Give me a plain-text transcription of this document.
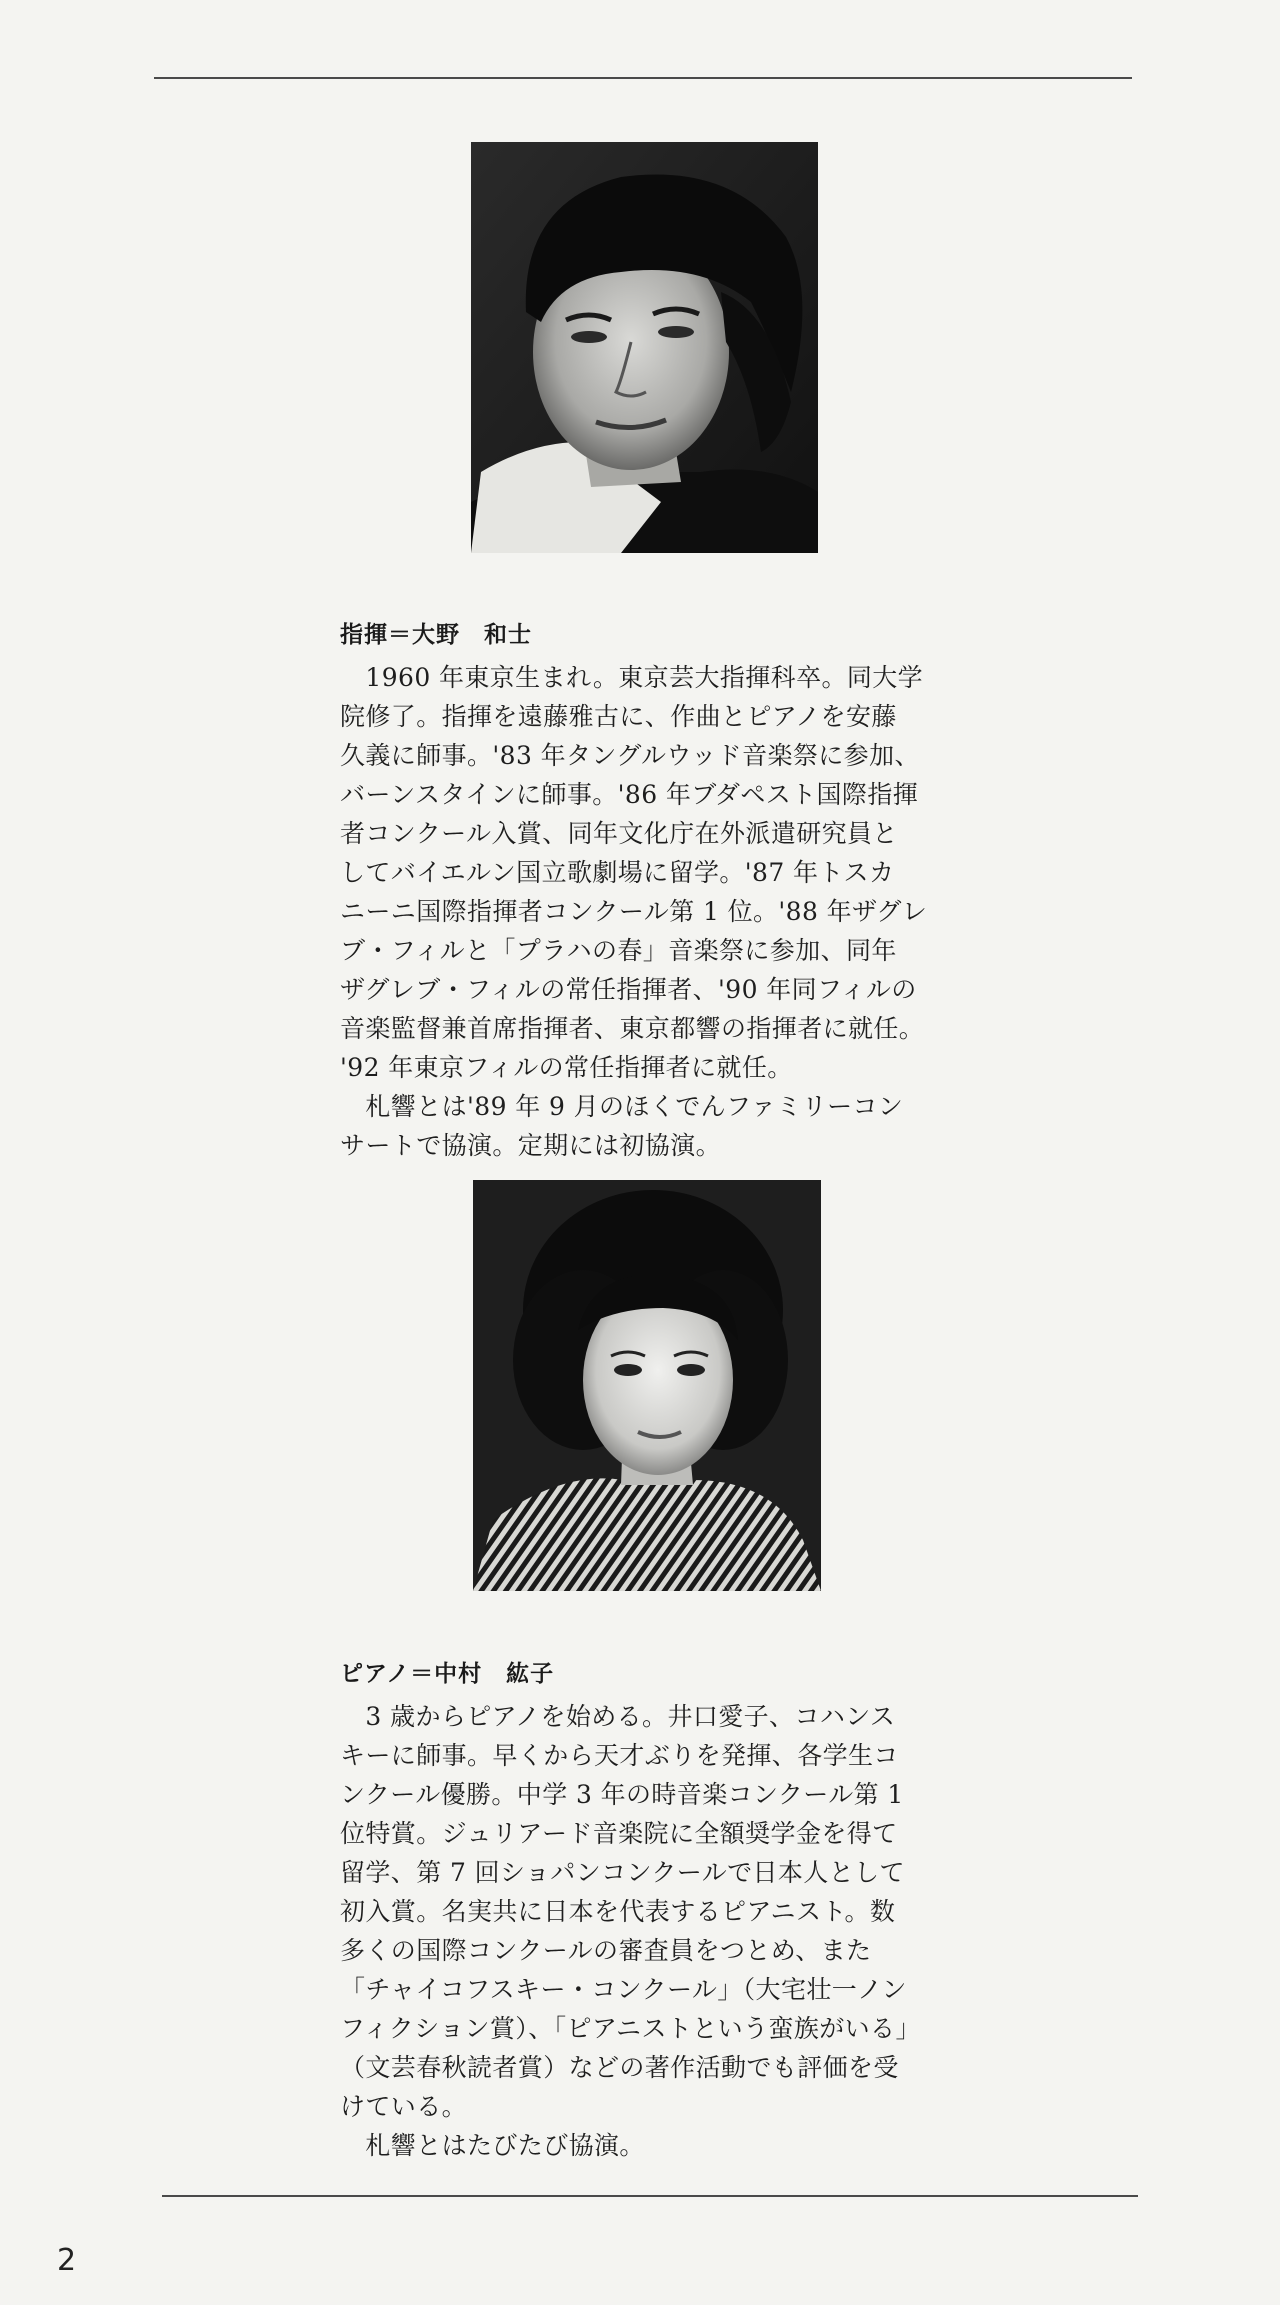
指揮＝大野　和士
　1960 年東京生まれ。東京芸大指揮科卒。同大学
院修了。指揮を遠藤雅古に、作曲とピアノを安藤
久義に師事。'83 年タングルウッド音楽祭に参加、
バーンスタインに師事。'86 年ブダペスト国際指揮
者コンクール入賞、同年文化庁在外派遣研究員と
してバイエルン国立歌劇場に留学。'87 年トスカ
ニーニ国際指揮者コンクール第 1 位。'88 年ザグレ
ブ・フィルと「プラハの春」音楽祭に参加、同年
ザグレブ・フィルの常任指揮者、'90 年同フィルの
音楽監督兼首席指揮者、東京都響の指揮者に就任。
'92 年東京フィルの常任指揮者に就任。
　札響とは'89 年 9 月のほくでんファミリーコン
サートで協演。定期には初協演。
ピアノ＝中村　紘子
　3 歳からピアノを始める。井口愛子、コハンス
キーに師事。早くから天才ぶりを発揮、各学生コ
ンクール優勝。中学 3 年の時音楽コンクール第 1
位特賞。ジュリアード音楽院に全額奨学金を得て
留学、第 7 回ショパンコンクールで日本人として
初入賞。名実共に日本を代表するピアニスト。数
多くの国際コンクールの審査員をつとめ、また
「チャイコフスキー・コンクール」（大宅壮一ノン
フィクション賞）、「ピアニストという蛮族がいる」
（文芸春秋読者賞）などの著作活動でも評価を受
けている。
　札響とはたびたび協演。
2
